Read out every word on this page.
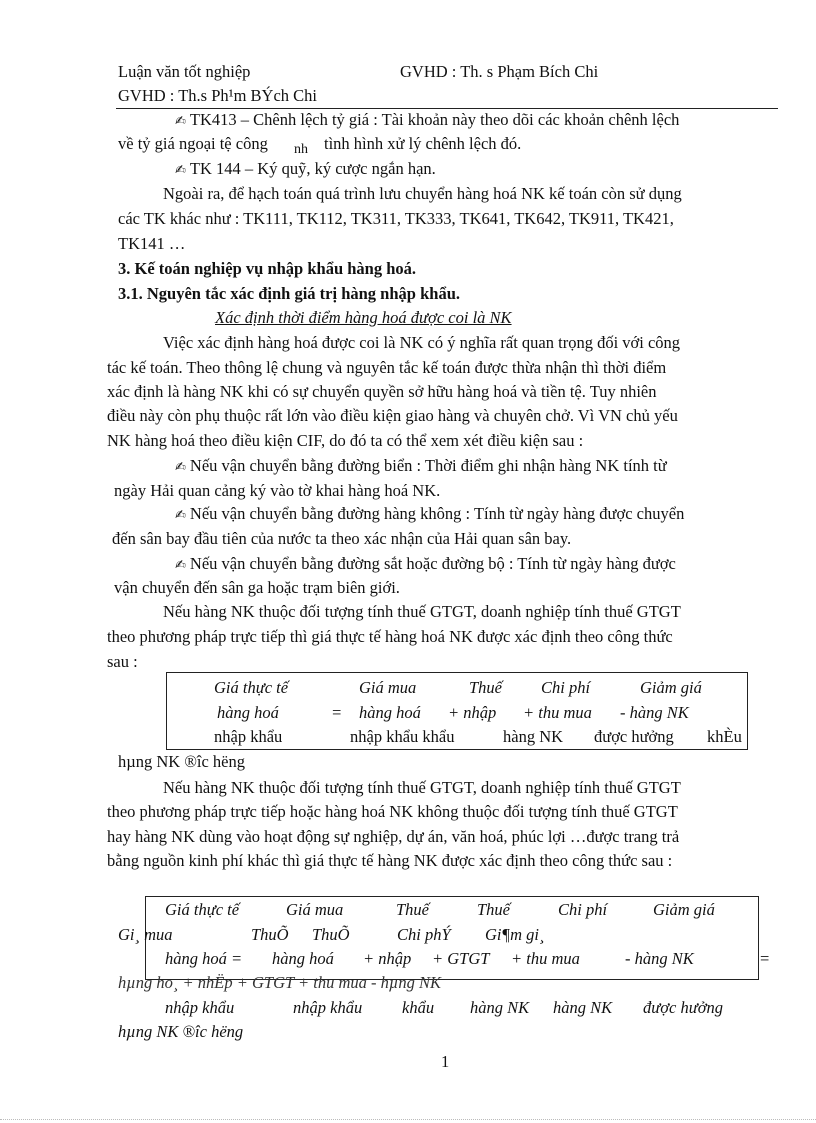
Luận văn tốt nghiệp	GVHD : Th. s Phạm Bích Chi
GVHD : Th.s Ph¹m BÝch Chi
✍ TK413 – Chênh lệch tỷ giá : Tài khoản này theo dõi các khoản chênh lệch
về tỷ giá ngoại tệ công nh tình hình xử lý chênh lệch đó.
✍ TK 144 – Ký quỹ, ký cược ngắn hạn.
Ngoài ra, để hạch toán quá trình lưu chuyển hàng hoá NK kế toán còn sử dụng
các TK khác như : TK111, TK112, TK311, TK333, TK641, TK642, TK911, TK421,
TK141 …
3. Kế toán nghiệp vụ nhập khẩu hàng hoá.
3.1. Nguyên tắc xác định giá trị hàng nhập khẩu.
Xác định thời điểm hàng hoá được coi là NK
Việc xác định hàng hoá được coi là NK có ý nghĩa rất quan trọng đối với công
tác kế toán. Theo thông lệ chung và nguyên tắc kế toán được thừa nhận thì thời điểm
xác định là hàng NK khi có sự chuyển quyền sở hữu hàng hoá và tiền tệ. Tuy nhiên
điều này còn phụ thuộc rất lớn vào điều kiện giao hàng và chuyên chở. Vì VN chủ yếu
NK hàng hoá theo điều kiện CIF, do đó ta có thể xem xét điều kiện sau :
✍ Nếu vận chuyển bằng đường biển : Thời điểm ghi nhận hàng NK tính từ
ngày Hải quan cảng ký vào tờ khai hàng hoá NK.
✍ Nếu vận chuyển bằng đường hàng không : Tính từ ngày hàng được chuyển
đến sân bay đầu tiên của nước ta theo xác nhận của Hải quan sân bay.
✍ Nếu vận chuyển bằng đường sắt hoặc đường bộ : Tính từ ngày hàng được
vận chuyển đến sân ga hoặc trạm biên giới.
Nếu hàng NK thuộc đối tượng tính thuế GTGT, doanh nghiệp tính thuế GTGT
theo phương pháp trực tiếp thì giá thực tế hàng hoá NK được xác định theo công thức
sau :
Giá thực tế	Giá mua	Thuế Chi phí	Giảm giá
hàng hoá	= hàng hoá + nhập + thu mua - hàng NK
nhập khẩu	nhập khẩu khẩu	hàng NK được hưởng khÈu
hµng NK ®îc hëng
Nếu hàng NK thuộc đối tượng tính thuế GTGT, doanh nghiệp tính thuế GTGT
theo phương pháp trực tiếp hoặc hàng hoá NK không thuộc đối tượng tính thuế GTGT
hay hàng NK dùng vào hoạt động sự nghiệp, dự án, văn hoá, phúc lợi …được trang trả
bằng nguồn kinh phí khác thì giá thực tế hàng NK được xác định theo công thức sau :
Giá thực tế	Giá mua	Thuế	Thuế	Chi phí	Giảm giá
Gi¸ mua	ThuÕ ThuÕ	Chi phÝ Gi¶m gi¸
hàng hoá = hàng hoá + nhập + GTGT + thu mua	- hàng NK	=
hµng ho¸ + nhËp + GTGT + thu mua - hµng NK
nhập khẩu	nhập khẩu khẩu hàng NK hàng NK được hưởng
hµng NK ®îc hëng
1
